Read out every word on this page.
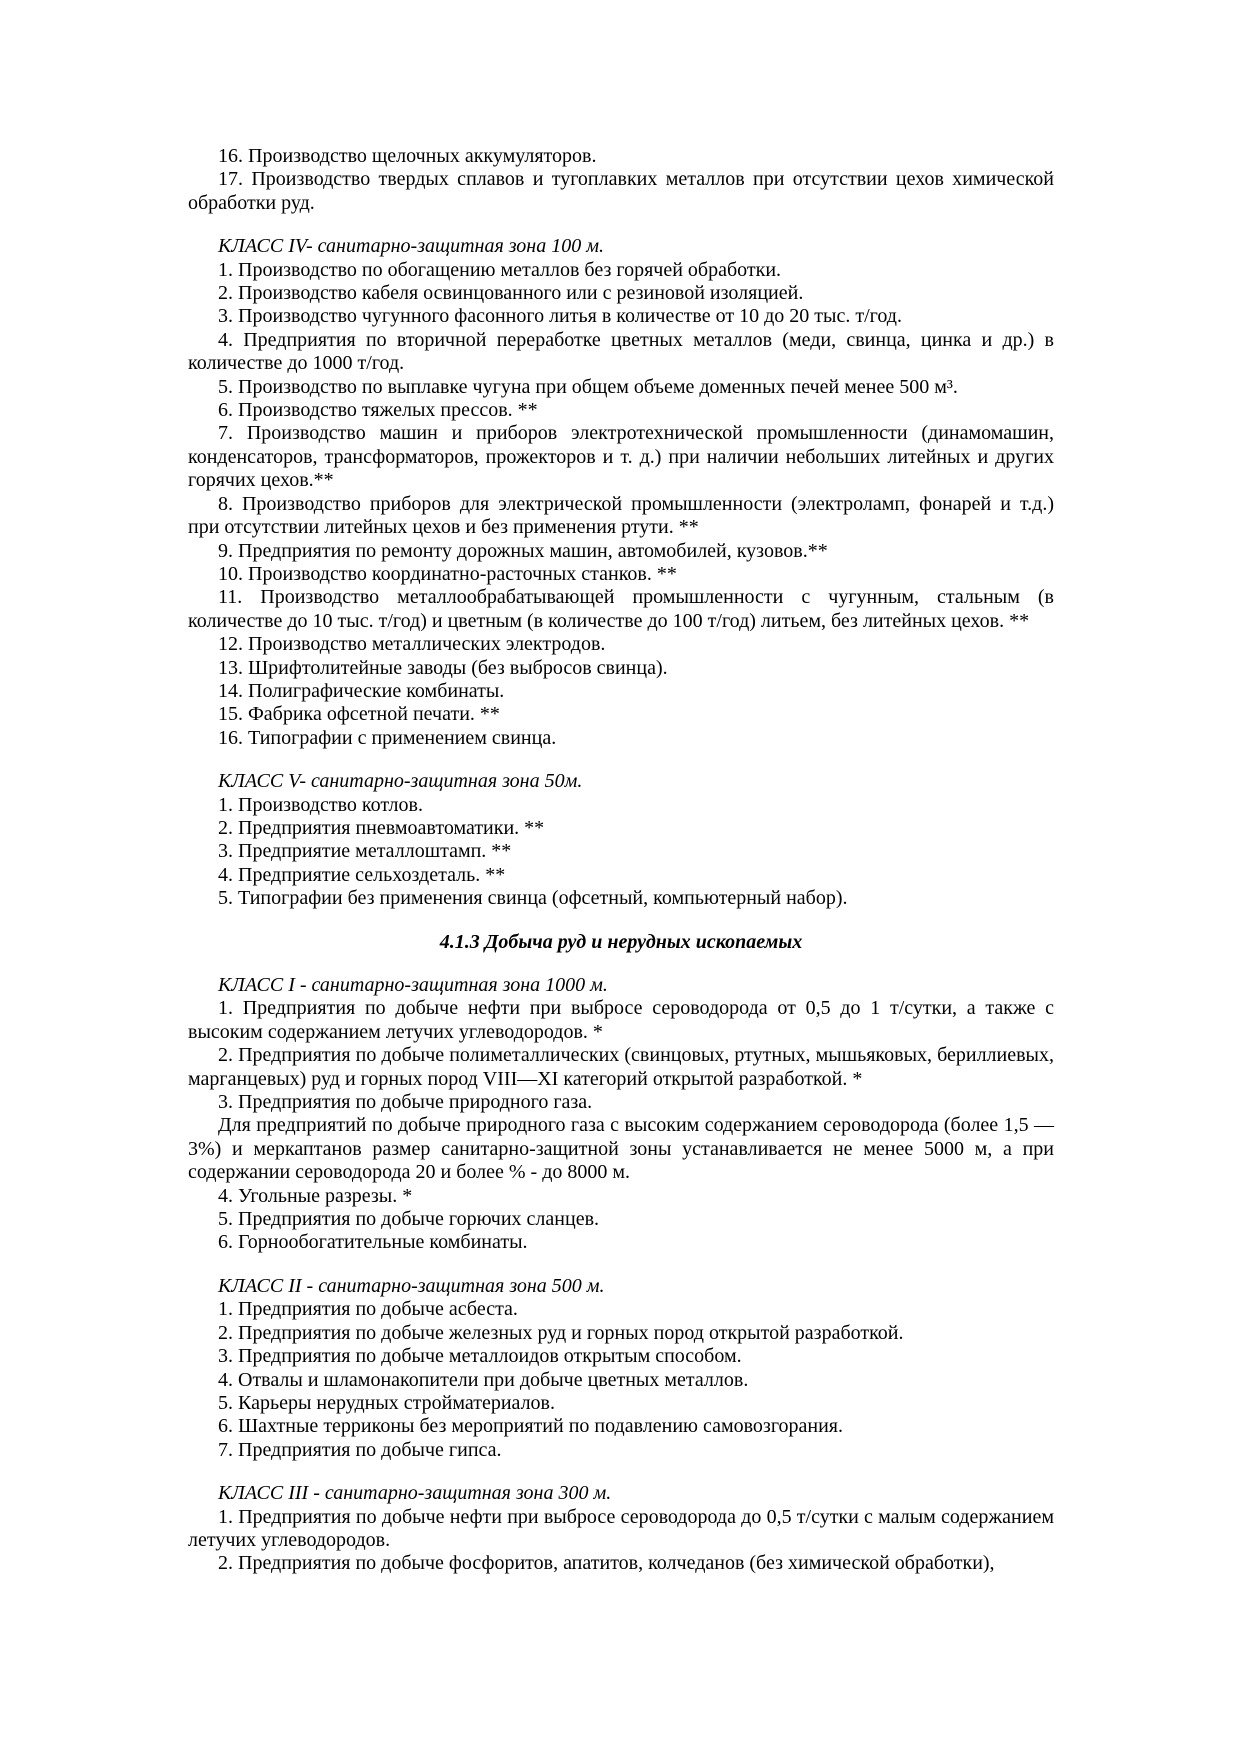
16. Производство щелочных аккумуляторов.

17. Производство твердых сплавов и тугоплавких металлов при отсутствии цехов химической обработки руд.

КЛАСС IV- санитарно-защитная зона 100 м.

1. Производство по обогащению металлов без горячей обработки.

2. Производство кабеля освинцованного или с резиновой изоляцией.

3. Производство чугунного фасонного литья в количестве от 10 до 20 тыс. т/год.

4. Предприятия по вторичной переработке цветных металлов (меди, свинца, цинка и др.) в количестве до 1000 т/год.

5. Производство по выплавке чугуна при общем объеме доменных печей менее 500 м³.

6. Производство тяжелых прессов. **

7. Производство машин и приборов электротехнической промышленности (динамомашин, конденсаторов, трансформаторов, прожекторов и т. д.) при наличии небольших литейных и других горячих цехов.**

8. Производство приборов для электрической промышленности (электроламп, фонарей и т.д.) при отсутствии литейных цехов и без применения ртути. **

9. Предприятия по ремонту дорожных машин, автомобилей, кузовов.**

10. Производство координатно-расточных станков. **

11. Производство металлообрабатывающей промышленности с чугунным, стальным (в количестве до 10 тыс. т/год) и цветным (в количестве до 100 т/год) литьем, без литейных цехов. **

12. Производство металлических электродов.

13. Шрифтолитейные заводы (без выбросов свинца).

14. Полиграфические комбинаты.

15. Фабрика офсетной печати. **

16. Типографии с применением свинца.

КЛАСС V- санитарно-защитная зона 50м.

1. Производство котлов.

2. Предприятия пневмоавтоматики. **

3. Предприятие металлоштамп. **

4. Предприятие сельхоздеталь. **

5. Типографии без применения свинца (офсетный, компьютерный набор).

4.1.3 Добыча руд и нерудных ископаемых

КЛАСС I - санитарно-защитная зона 1000 м.

1. Предприятия по добыче нефти при выбросе сероводорода от 0,5 до 1 т/сутки, а также с высоким содержанием летучих углеводородов. *

2. Предприятия по добыче полиметаллических (свинцовых, ртутных, мышьяковых, бериллиевых, марганцевых) руд и горных пород VIII—XI категорий открытой разработкой. *

3. Предприятия по добыче природного газа.

Для предприятий по добыче природного газа с высоким содержанием сероводорода (более 1,5 —3%) и меркаптанов размер санитарно-защитной зоны устанавливается не менее 5000 м, а при содержании сероводорода 20 и более % - до 8000 м.

4. Угольные разрезы. *

5. Предприятия по добыче горючих сланцев.

6. Горнообогатительные комбинаты.

КЛАСС II - санитарно-защитная зона 500 м.

1. Предприятия по добыче асбеста.

2. Предприятия по добыче железных руд и горных пород открытой разработкой.

3. Предприятия по добыче металлоидов открытым способом.

4. Отвалы и шламонакопители при добыче цветных металлов.

5. Карьеры нерудных стройматериалов.

6. Шахтные терриконы без мероприятий по подавлению самовозгорания.

7. Предприятия по добыче гипса.

КЛАСС III - санитарно-защитная зона 300 м.

1. Предприятия по добыче нефти при выбросе сероводорода до 0,5 т/сутки с малым содержанием летучих углеводородов.

2. Предприятия по добыче фосфоритов, апатитов, колчеданов (без химической обработки),
